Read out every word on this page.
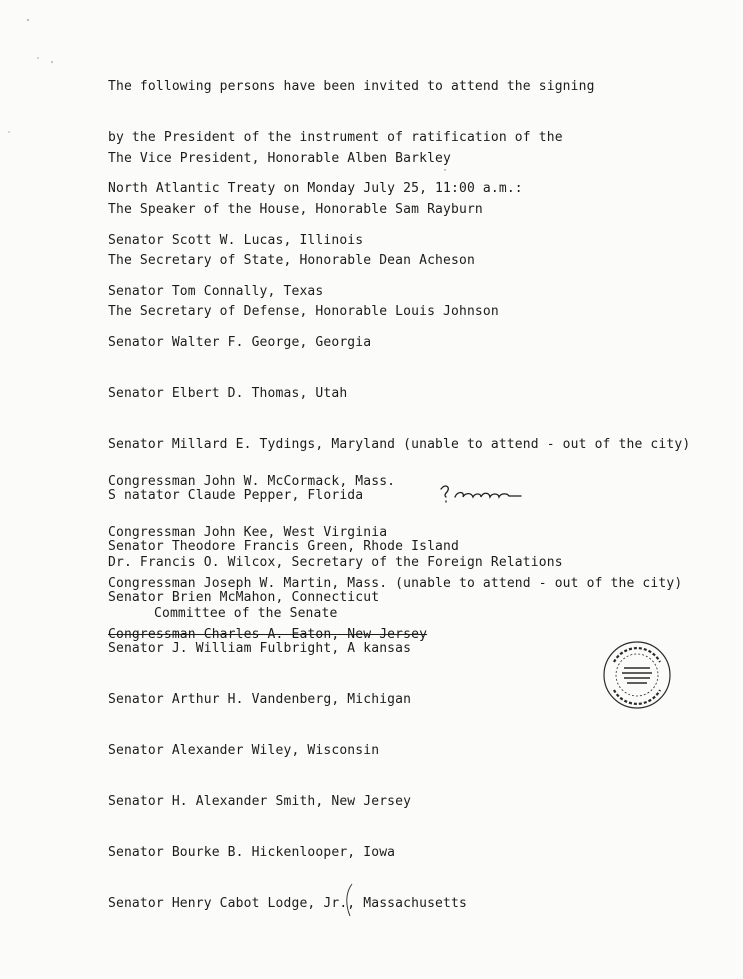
The following persons have been invited to attend the signing

by the President of the instrument of ratification of the

North Atlantic Treaty on Monday July 25, 11:00 a.m.:

The Vice President, Honorable Alben Barkley

The Speaker of the House, Honorable Sam Rayburn

The Secretary of State, Honorable Dean Acheson

The Secretary of Defense, Honorable Louis Johnson

Senator Scott W. Lucas, Illinois

Senator Tom Connally, Texas

Senator Walter F. George, Georgia

Senator Elbert D. Thomas, Utah

Senator Millard E. Tydings, Maryland (unable to attend - out of the city)

S natator Claude Pepper, Florida

Senator Theodore Francis Green, Rhode Island

Senator Brien McMahon, Connecticut

Senator J. William Fulbright, A kansas

Senator Arthur H. Vandenberg, Michigan

Senator Alexander Wiley, Wisconsin

Senator H. Alexander Smith, New Jersey

Senator Bourke B. Hickenlooper, Iowa

Senator Henry Cabot Lodge, Jr., Massachusetts

Congressman John W. McCormack, Mass.

Congressman John Kee, West Virginia

Congressman Joseph W. Martin, Mass. (unable to attend - out of the city)

Congressman Charles A. Eaton, New Jersey

Dr. Francis O. Wilcox, Secretary of the Foreign Relations

Committee of the Senate
